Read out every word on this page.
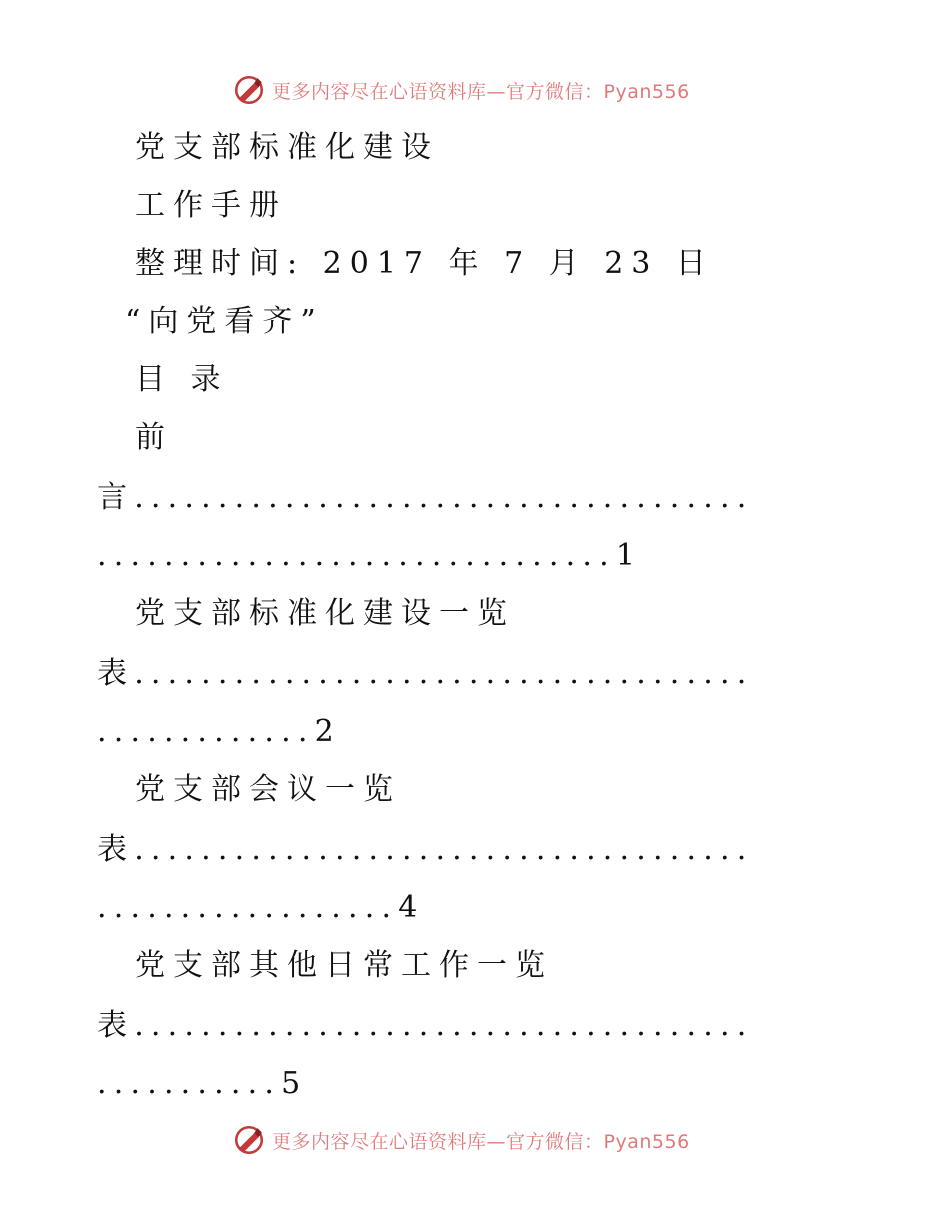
更多内容尽在心语资料库—官方微信：Pyan556
党支部标准化建设
工作手册
整理时间: 2017 年 7 月 23 日
“向党看齐”
目 录
前
言.....................................
...............................1
党支部标准化建设一览
表.....................................
.............2
党支部会议一览
表.....................................
..................4
党支部其他日常工作一览
表.....................................
...........5
更多内容尽在心语资料库—官方微信：Pyan556
